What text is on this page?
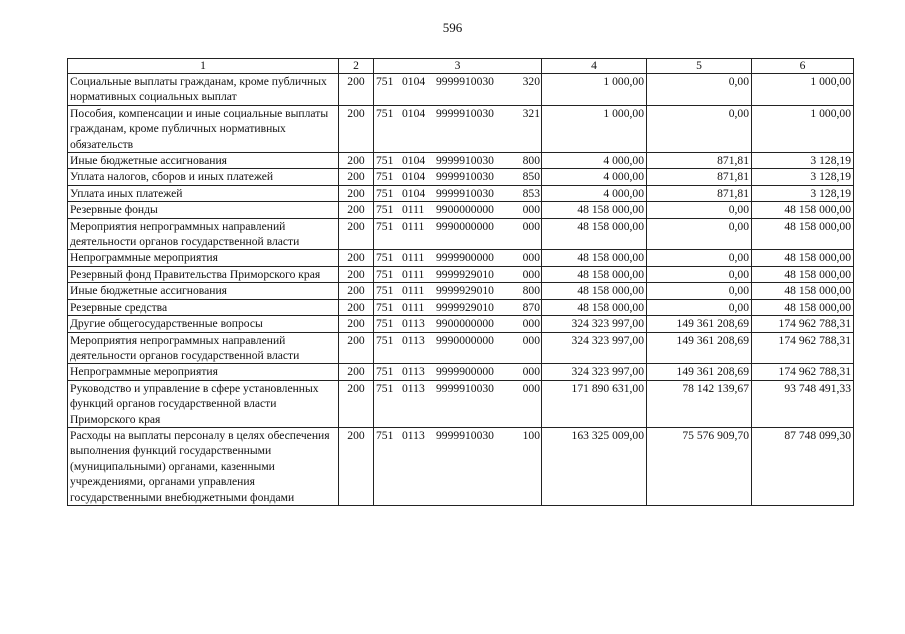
596
1	2	3	4	5	6
Социальные выплаты гражданам, кроме публичных нормативных социальных выплат	200	751 0104 9999910030 320	1 000,00	0,00	1 000,00
Пособия, компенсации и иные социальные выплаты гражданам, кроме публичных нормативных обязательств	200	751 0104 9999910030 321	1 000,00	0,00	1 000,00
Иные бюджетные ассигнования	200	751 0104 9999910030 800	4 000,00	871,81	3 128,19
Уплата налогов, сборов и иных платежей	200	751 0104 9999910030 850	4 000,00	871,81	3 128,19
Уплата иных платежей	200	751 0104 9999910030 853	4 000,00	871,81	3 128,19
Резервные фонды	200	751 0111 9900000000 000	48 158 000,00	0,00	48 158 000,00
Мероприятия непрограммных направлений деятельности органов государственной власти	200	751 0111 9990000000 000	48 158 000,00	0,00	48 158 000,00
Непрограммные мероприятия	200	751 0111 9999900000 000	48 158 000,00	0,00	48 158 000,00
Резервный фонд Правительства Приморского края	200	751 0111 9999929010 000	48 158 000,00	0,00	48 158 000,00
Иные бюджетные ассигнования	200	751 0111 9999929010 800	48 158 000,00	0,00	48 158 000,00
Резервные средства	200	751 0111 9999929010 870	48 158 000,00	0,00	48 158 000,00
Другие общегосударственные вопросы	200	751 0113 9900000000 000	324 323 997,00	149 361 208,69	174 962 788,31
Мероприятия непрограммных направлений деятельности органов государственной власти	200	751 0113 9990000000 000	324 323 997,00	149 361 208,69	174 962 788,31
Непрограммные мероприятия	200	751 0113 9999900000 000	324 323 997,00	149 361 208,69	174 962 788,31
Руководство и управление в сфере установленных функций органов государственной власти Приморского края	200	751 0113 9999910030 000	171 890 631,00	78 142 139,67	93 748 491,33
Расходы на выплаты персоналу в целях обеспечения выполнения функций государственными (муниципальными) органами, казенными учреждениями, органами управления государственными внебюджетными фондами	200	751 0113 9999910030 100	163 325 009,00	75 576 909,70	87 748 099,30
